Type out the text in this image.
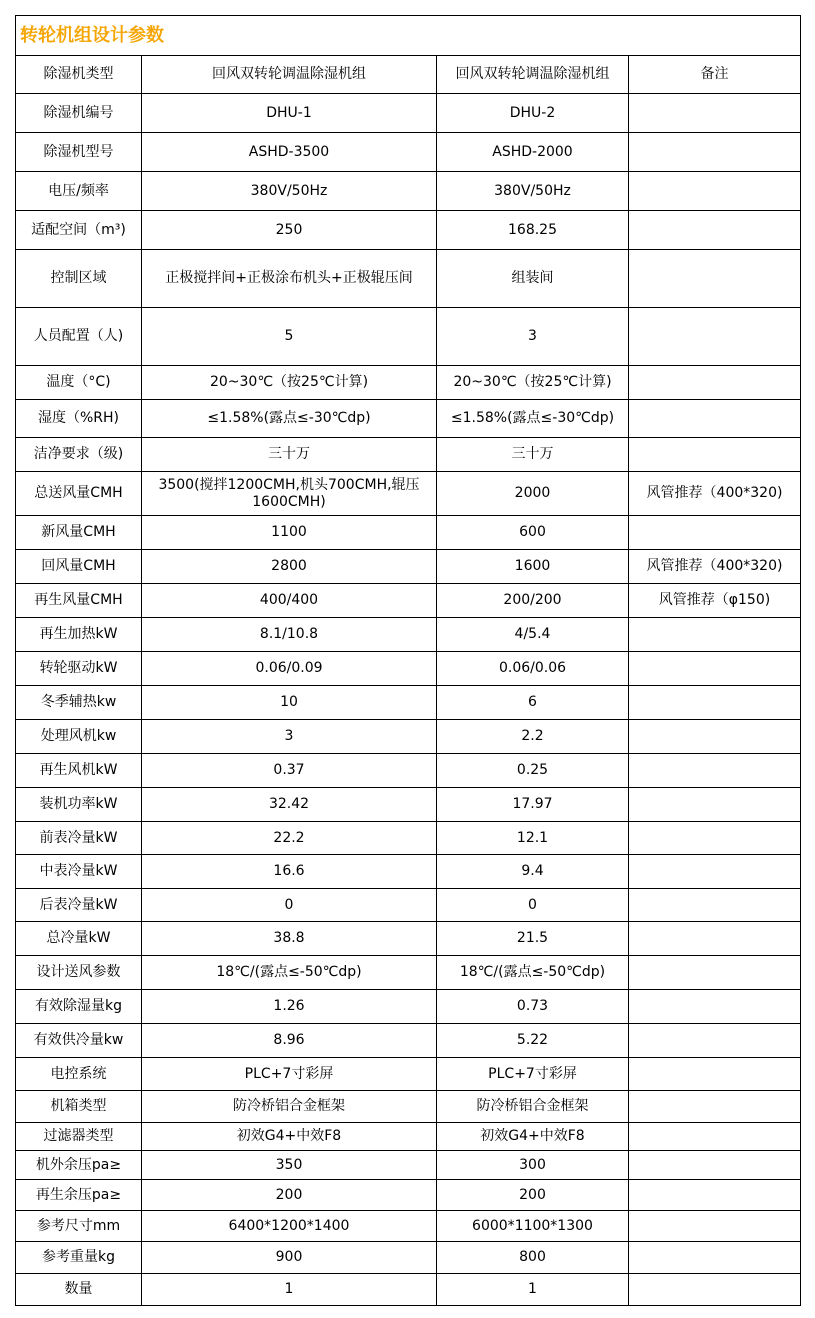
转轮机组设计参数			
除湿机类型	回风双转轮调温除湿机组	回风双转轮调温除湿机组	备注
除湿机编号	DHU-1	DHU-2	
除湿机型号	ASHD-3500	ASHD-2000	
电压/频率	380V/50Hz	380V/50Hz	
适配空间（m³)	250	168.25	
控制区域	正极搅拌间+正极涂布机头+正极辊压间	组装间	
人员配置（人)	5	3	
温度（°C)	20~30℃（按25℃计算)	20~30℃（按25℃计算)	
湿度（%RH)	≤1.58%(露点≤-30℃dp)	≤1.58%(露点≤-30℃dp)	
洁净要求（级)	三十万	三十万	
总送风量CMH	3500(搅拌1200CMH,机头700CMH,辊压1600CMH)	2000	风管推荐（400*320)
新风量CMH	1100	600	
回风量CMH	2800	1600	风管推荐（400*320)
再生风量CMH	400/400	200/200	风管推荐（φ150)
再生加热kW	8.1/10.8	4/5.4	
转轮驱动kW	0.06/0.09	0.06/0.06	
冬季辅热kw	10	6	
处理风机kw	3	2.2	
再生风机kW	0.37	0.25	
装机功率kW	32.42	17.97	
前表冷量kW	22.2	12.1	
中表冷量kW	16.6	9.4	
后表冷量kW	0	0	
总冷量kW	38.8	21.5	
设计送风参数	18℃/(露点≤-50℃dp)	18℃/(露点≤-50℃dp)	
有效除湿量kg	1.26	0.73	
有效供冷量kw	8.96	5.22	
电控系统	PLC+7寸彩屏	PLC+7寸彩屏	
机箱类型	防冷桥铝合金框架	防冷桥铝合金框架	
过滤器类型	初效G4+中效F8	初效G4+中效F8	
机外余压pa≥	350	300	
再生余压pa≥	200	200	
参考尺寸mm	6400*1200*1400	6000*1100*1300	
参考重量kg	900	800	
数量	1	1	
